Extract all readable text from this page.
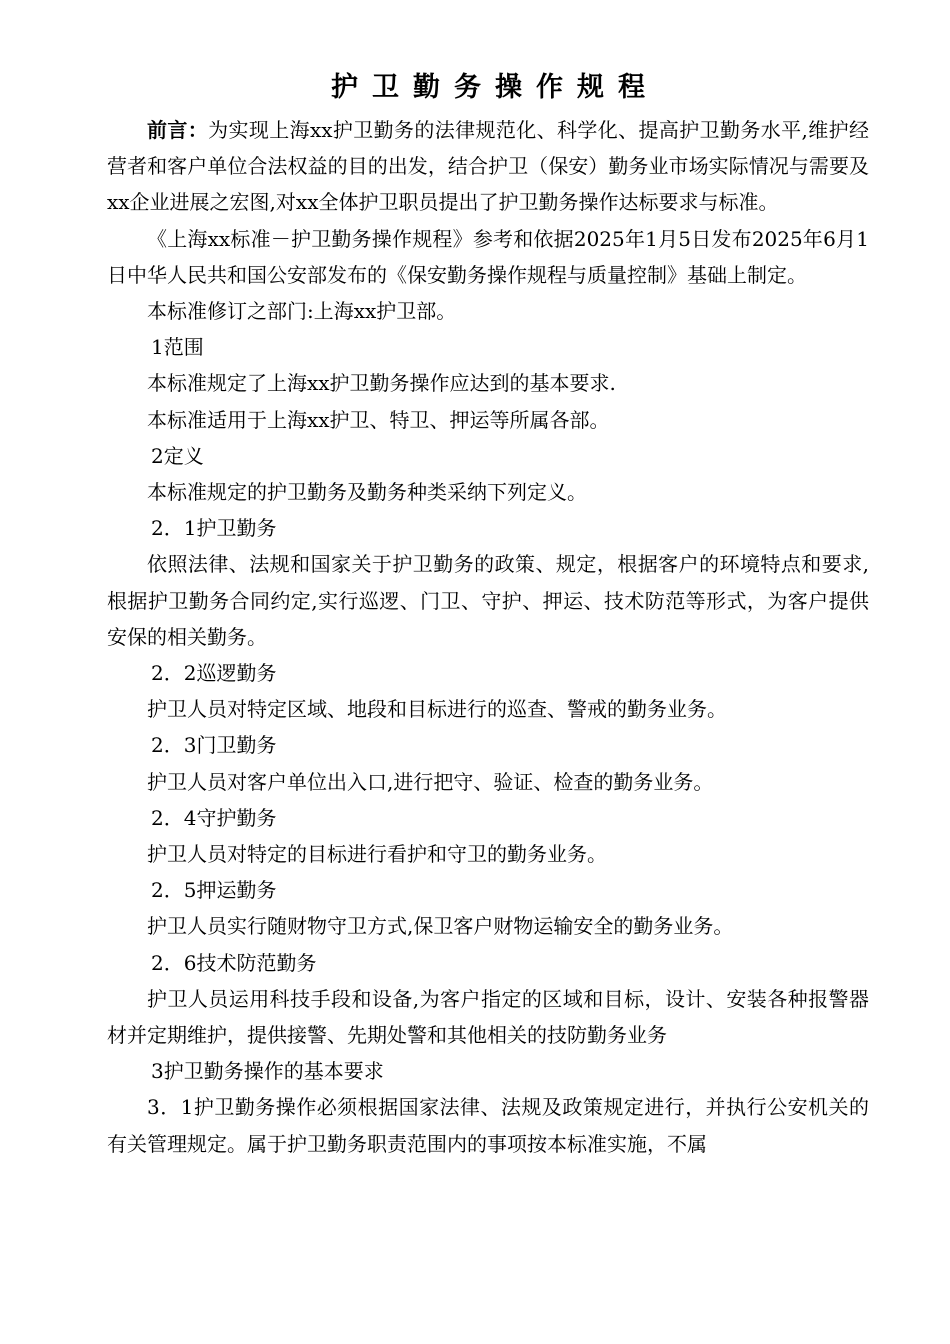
护卫勤务操作规程

前言：为实现上海xx护卫勤务的法律规范化、科学化、提高护卫勤务水平,维护经营者和客户单位合法权益的目的出发，结合护卫（保安）勤务业市场实际情况与需要及xx企业进展之宏图,对xx全体护卫职员提出了护卫勤务操作达标要求与标准。

《上海xx标准－护卫勤务操作规程》参考和依据2025年1月5日发布2025年6月1日中华人民共和国公安部发布的《保安勤务操作规程与质量控制》基础上制定。

本标准修订之部门:上海xx护卫部。

1范围

本标准规定了上海xx护卫勤务操作应达到的基本要求.

本标准适用于上海xx护卫、特卫、押运等所属各部。

2定义

本标准规定的护卫勤务及勤务种类采纳下列定义。

2．1护卫勤务

依照法律、法规和国家关于护卫勤务的政策、规定，根据客户的环境特点和要求,根据护卫勤务合同约定,实行巡逻、门卫、守护、押运、技术防范等形式，为客户提供安保的相关勤务。

2．2巡逻勤务

护卫人员对特定区域、地段和目标进行的巡查、警戒的勤务业务。

2．3门卫勤务

护卫人员对客户单位出入口,进行把守、验证、检查的勤务业务。

2．4守护勤务

护卫人员对特定的目标进行看护和守卫的勤务业务。

2．5押运勤务

护卫人员实行随财物守卫方式,保卫客户财物运输安全的勤务业务。

2．6技术防范勤务

护卫人员运用科技手段和设备,为客户指定的区域和目标，设计、安装各种报警器材并定期维护，提供接警、先期处警和其他相关的技防勤务业务

3护卫勤务操作的基本要求

3．1护卫勤务操作必须根据国家法律、法规及政策规定进行，并执行公安机关的有关管理规定。属于护卫勤务职责范围内的事项按本标准实施，不属
